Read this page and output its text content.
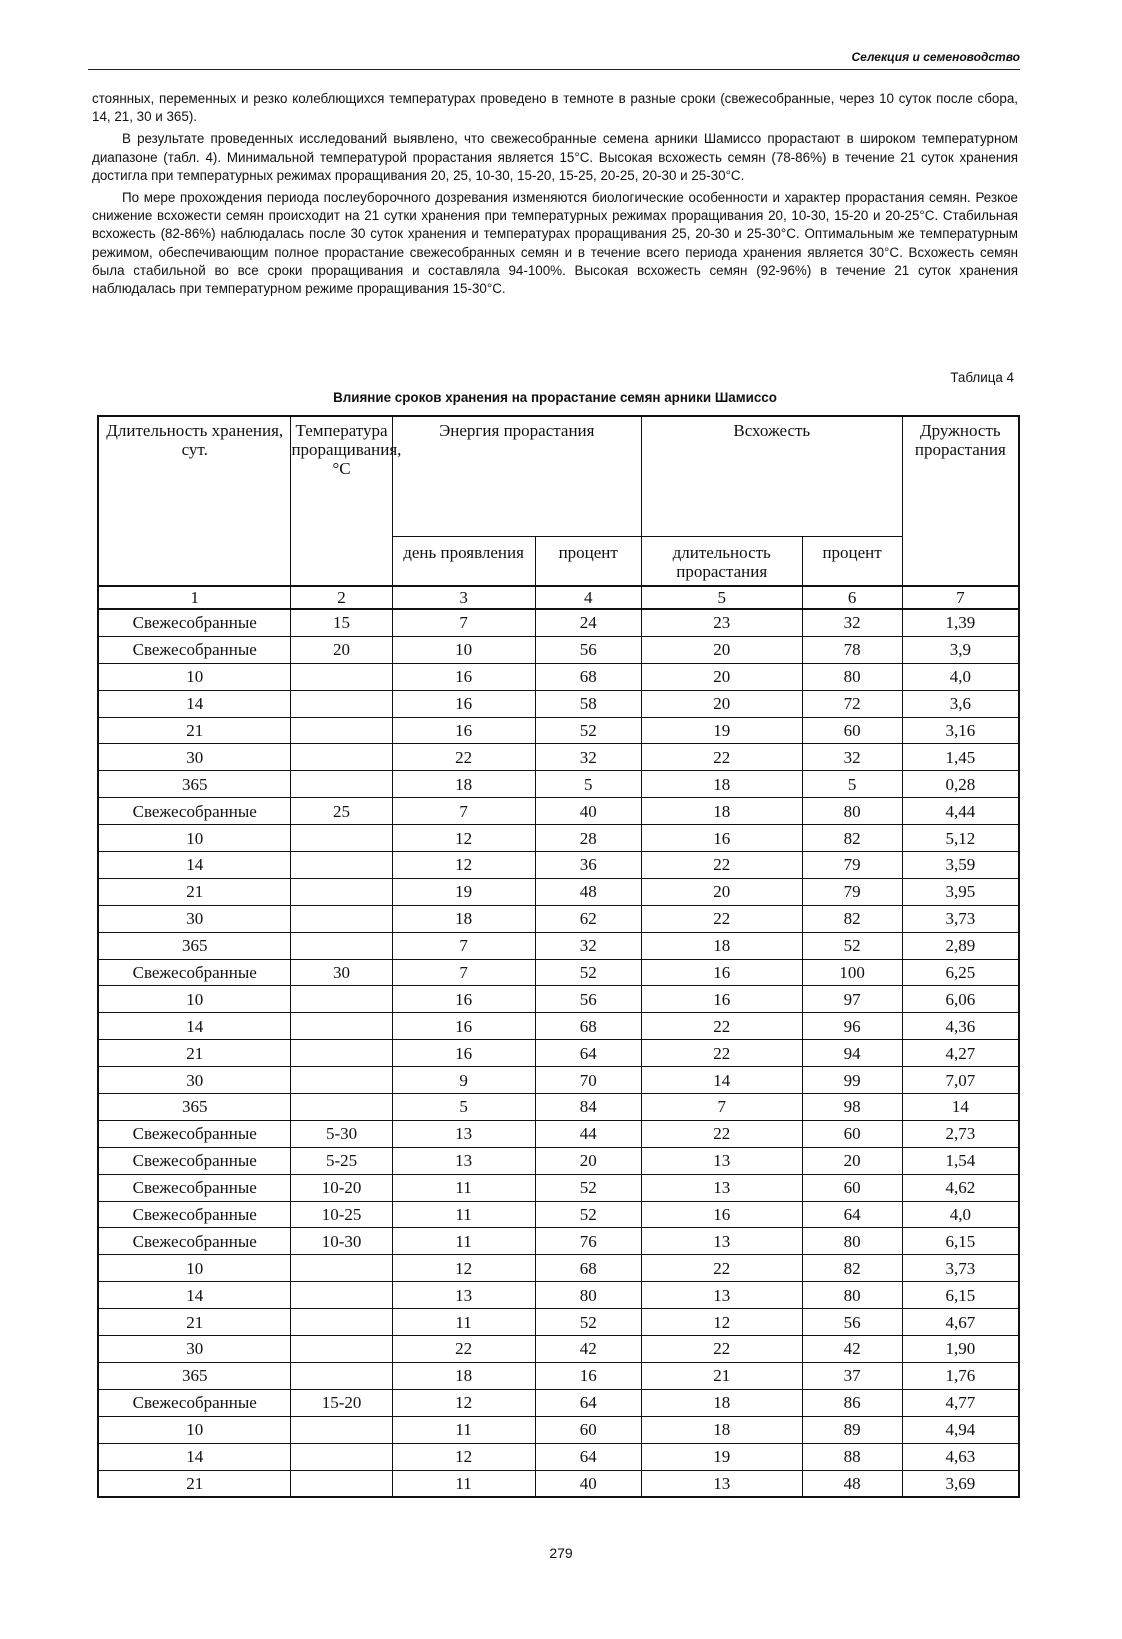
Селекция и семеноводство

стоянных, переменных и резко колеблющихся температурах проведено в темноте в разные сроки (свежесобранные, через 10 суток после сбора, 14, 21, 30 и 365).

В результате проведенных исследований выявлено, что свежесобранные семена арники Шамиссо прорастают в широком температурном диапазоне (табл. 4). Минимальной температурой прорастания является 15°С. Высокая всхожесть семян (78-86%) в течение 21 суток хранения достигла при температурных режимах проращивания 20, 25, 10-30, 15-20, 15-25, 20-25, 20-30 и 25-30°С.

По мере прохождения периода послеуборочного дозревания изменяются биологические особенности и характер прорастания семян. Резкое снижение всхожести семян происходит на 21 сутки хранения при температурных режимах проращивания 20, 10-30, 15-20 и 20-25°С. Стабильная всхожесть (82-86%) наблюдалась после 30 суток хранения и температурах проращивания 25, 20-30 и 25-30°С. Оптимальным же температурным режимом, обеспечивающим полное прорастание свежесобранных семян и в течение всего периода хранения является 30°С. Всхожесть семян была стабильной во все сроки проращивания и составляла 94-100%. Высокая всхожесть семян (92-96%) в течение 21 суток хранения наблюдалась при температурном режиме проращивания 15-30°С.

Таблица 4
Влияние сроков хранения на прорастание семян арники Шамиссо
Длительность хранения, сут.	Температура проращивания, °С	Энергия прорастания		Всхожесть		Дружность прорастания
		день проявления	процент	длительность прорастания	процент	
1	2	3	4	5	6	7
Свежесобранные	15	7	24	23	32	1,39
Свежесобранные	20	10	56	20	78	3,9
10		16	68	20	80	4,0
14		16	58	20	72	3,6
21		16	52	19	60	3,16
30		22	32	22	32	1,45
365		18	5	18	5	0,28
Свежесобранные	25	7	40	18	80	4,44
10		12	28	16	82	5,12
14		12	36	22	79	3,59
21		19	48	20	79	3,95
30		18	62	22	82	3,73
365		7	32	18	52	2,89
Свежесобранные	30	7	52	16	100	6,25
10		16	56	16	97	6,06
14		16	68	22	96	4,36
21		16	64	22	94	4,27
30		9	70	14	99	7,07
365		5	84	7	98	14
Свежесобранные	5-30	13	44	22	60	2,73
Свежесобранные	5-25	13	20	13	20	1,54
Свежесобранные	10-20	11	52	13	60	4,62
Свежесобранные	10-25	11	52	16	64	4,0
Свежесобранные	10-30	11	76	13	80	6,15
10		12	68	22	82	3,73
14		13	80	13	80	6,15
21		11	52	12	56	4,67
30		22	42	22	42	1,90
365		18	16	21	37	1,76
Свежесобранные	15-20	12	64	18	86	4,77
10		11	60	18	89	4,94
14		12	64	19	88	4,63
21		11	40	13	48	3,69
279
